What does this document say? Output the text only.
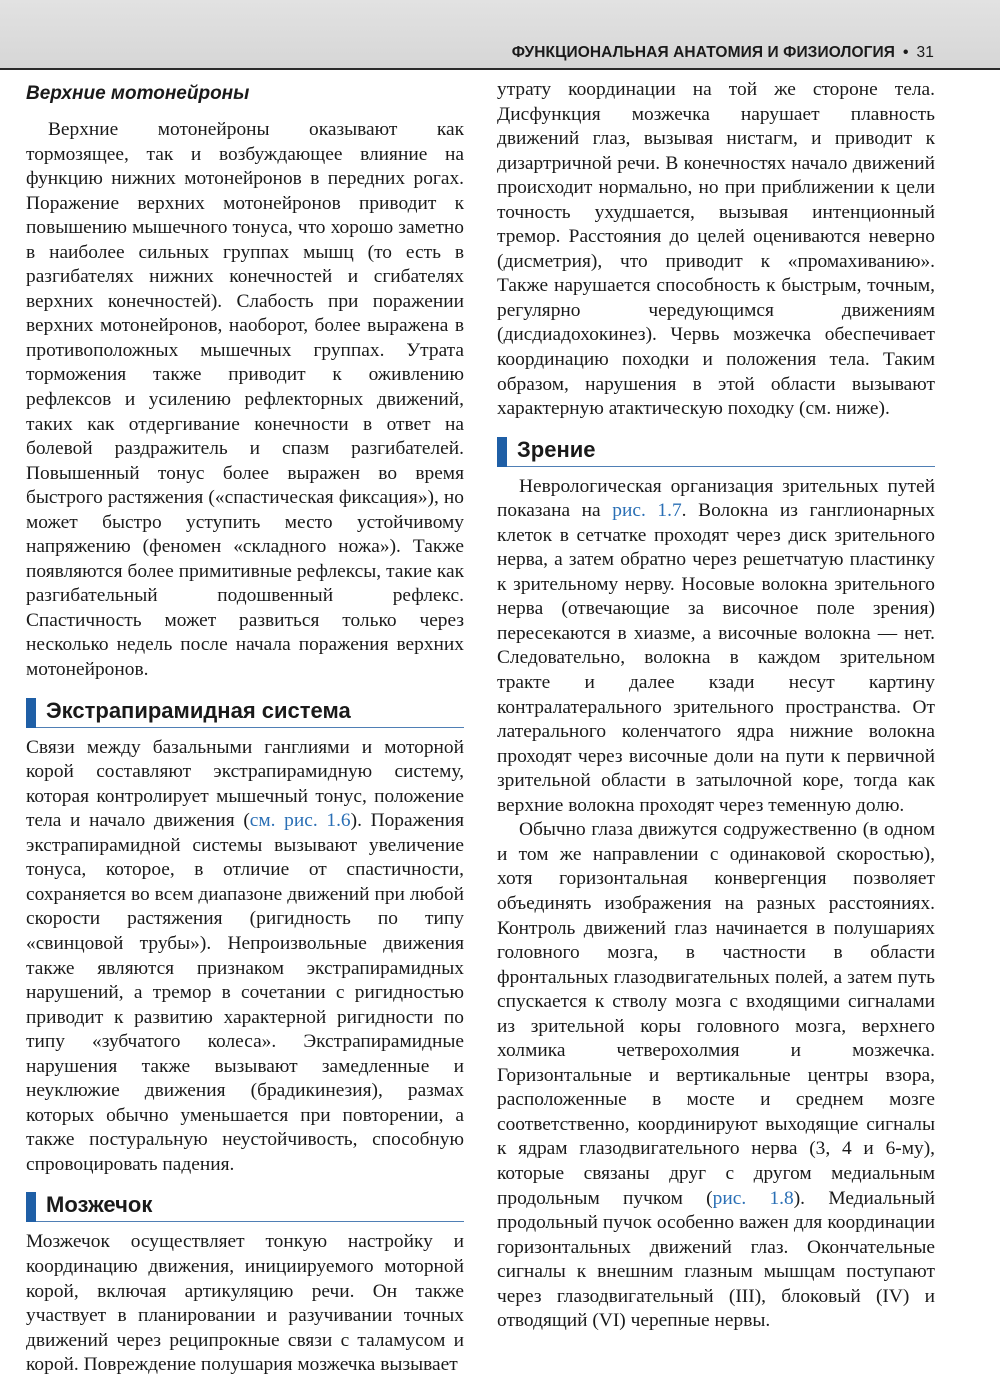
ФУНКЦИОНАЛЬНАЯ АНАТОМИЯ И ФИЗИОЛОГИЯ • 31
Верхние мотонейроны

Верхние мотонейроны оказывают как тормозящее, так и возбуждающее влияние на функцию нижних мотонейронов в передних рогах. Поражение верхних мотонейронов приводит к повышению мышечного тонуса, что хорошо заметно в наиболее сильных группах мышц (то есть в разгибателях нижних конечностей и сгибателях верхних конечностей). Слабость при поражении верхних мотонейронов, наоборот, более выражена в противоположных мышечных группах. Утрата торможения также приводит к оживлению рефлексов и усилению рефлекторных движений, таких как отдергивание конечности в ответ на болевой раздражитель и спазм разгибателей. Повышенный тонус более выражен во время быстрого растяжения («спастическая фиксация»), но может быстро уступить место устойчивому напряжению (феномен «складного ножа»). Также появляются более примитивные рефлексы, такие как разгибательный подошвенный рефлекс. Спастичность может развиться только через несколько недель после начала поражения верхних мотонейронов.

Экстрапирамидная система

Связи между базальными ганглиями и моторной корой составляют экстрапирамидную систему, которая контролирует мышечный тонус, положение тела и начало движения (см. рис. 1.6). Поражения экстрапирамидной системы вызывают увеличение тонуса, которое, в отличие от спастичности, сохраняется во всем диапазоне движений при любой скорости растяжения (ригидность по типу «свинцовой трубы»). Непроизвольные движения также являются признаком экстрапирамидных нарушений, а тремор в сочетании с ригидностью приводит к развитию характерной ригидности по типу «зубчатого колеса». Экстрапирамидные нарушения также вызывают замедленные и неуклюжие движения (брадикинезия), размах которых обычно уменьшается при повторении, а также постуральную неустойчивость, способную спровоцировать падения.

Мозжечок

Мозжечок осуществляет тонкую настройку и координацию движения, инициируемого моторной корой, включая артикуляцию речи. Он также участвует в планировании и разучивании точных движений через реципрокные связи с таламусом и корой. Повреждение полушария мозжечка вызывает

утрату координации на той же стороне тела. Дисфункция мозжечка нарушает плавность движений глаз, вызывая нистагм, и приводит к дизартричной речи. В конечностях начало движений происходит нормально, но при приближении к цели точность ухудшается, вызывая интенционный тремор. Расстояния до целей оцениваются неверно (дисметрия), что приводит к «промахиванию». Также нарушается способность к быстрым, точным, регулярно чередующимся движениям (дисдиадохокинез). Червь мозжечка обеспечивает координацию походки и положения тела. Таким образом, нарушения в этой области вызывают характерную атактическую походку (см. ниже).

Зрение

Неврологическая организация зрительных путей показана на рис. 1.7. Волокна из ганглионарных клеток в сетчатке проходят через диск зрительного нерва, а затем обратно через решетчатую пластинку к зрительному нерву. Носовые волокна зрительного нерва (отвечающие за височное поле зрения) пересекаются в хиазме, а височные волокна — нет. Следовательно, волокна в каждом зрительном тракте и далее кзади несут картину контралатерального зрительного пространства. От латерального коленчатого ядра нижние волокна проходят через височные доли на пути к первичной зрительной области в затылочной коре, тогда как верхние волокна проходят через теменную долю.

Обычно глаза движутся содружественно (в одном и том же направлении с одинаковой скоростью), хотя горизонтальная конвергенция позволяет объединять изображения на разных расстояниях. Контроль движений глаз начинается в полушариях головного мозга, в частности в области фронтальных глазодвигательных полей, а затем путь спускается к стволу мозга с входящими сигналами из зрительной коры головного мозга, верхнего холмика четверохолмия и мозжечка. Горизонтальные и вертикальные центры взора, расположенные в мосте и среднем мозге соответственно, координируют выходящие сигналы к ядрам глазодвигательного нерва (3, 4 и 6-му), которые связаны друг с другом медиальным продольным пучком (рис. 1.8). Медиальный продольный пучок особенно важен для координации горизонтальных движений глаз. Окончательные сигналы к внешним глазным мышцам поступают через глазодвигательный (III), блоковый (IV) и отводящий (VI) черепные нервы.
